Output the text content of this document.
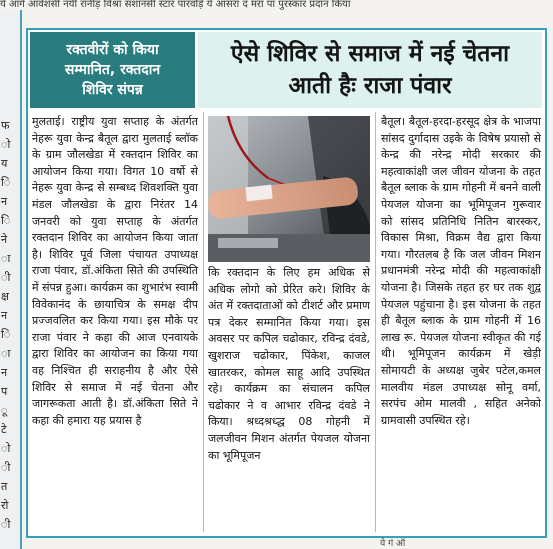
र्य आर्ग आवेशसी नयी रानीड़ विश्रा संशानसी स्टार पारवोड़े ये आसरा द मरा पा पुरस्कार प्रदान किया
फ
ो
य
ि
न
ि
ने
ा
ी
क्ष
न
ि
ा
न
प
ू
टे
ो
ी
त
रो
ी
रक्तवीरों को किया
सम्मानित, रक्तदान
शिविर संपन्न
ऐसे शिविर से समाज में नई चेतना
आती हैः राजा पंवार

मुलताई। राष्ट्रीय युवा सप्ताह के अंतर्गत नेहरू युवा केन्द्र बैतूल द्वारा मुलताई ब्लॉक के ग्राम जौलखेडा में रक्तदान शिविर का आयोजन किया गया। विगत 10 वर्षो से नेहरू युवा केन्द्र से सम्बध्द शिवशक्ति युवा मंडल जौलखेडा के द्वारा निरंतर 14 जनवरी को युवा सप्ताह के अंतर्गत रक्तदान शिविर का आयोजन किया जाता है। शिविर पूर्व जिला पंचायत उपाध्यक्ष राजा पंवार, डॉ.अंकिता सिते की उपस्थिति में संपन्न हुआ। कार्यक्रम का शुभारंभ स्वामी विवेकानंद के छायाचित्र के समक्ष दीप प्रज्जवलित कर किया गया। इस मौके पर राजा पंवार ने कहा की आज एनवायके द्वारा शिविर का आयोजन का किया गया वह निश्चित ही सराहनीय है और ऐसे शिविर से समाज में नई चेतना और जागरूकता आती है। डॉ.अंकिता सिते ने कहा की हमारा यह प्रयास है

कि रक्तदान के लिए हम अधिक से अधिक लोगो को प्रेरित करे। शिविर के अंत में रक्तदाताओं को टीशर्ट और प्रमाण पत्र देकर सम्मानित किया गया। इस अवसर पर कपिल चढोकार, रविन्द्र दंवडे, खुशराज चढोकार, पिंकेश, काजल खातरकर, कोमल साहू आदि उपस्थित रहे। कार्यक्रम का संचालन कपिल चढोकार ने व आभार रविन्द्र दंवडे ने किया। श्रध्दश्रध्द्ध 08 गोहनी में जलजीवन मिशन अंतर्गत पेयजल योजना का भूमिपूजन

बैतूल। बैतूल-हरदा-हरसूद क्षेत्र के भाजपा सांसद दुर्गादास उइके के विषेष प्रयासो से केन्द्र की नरेन्द्र मोदी सरकार की महत्वाकांक्षी जल जीवन योजना के तहत बैतूल ब्लाक के ग्राम गोहनी में बनने वाली पेयजल योजना का भूमिपूजन गुरूवार को सांसद प्रतिनिधि नितिन बारस्कर, विकास मिश्रा, विक्रम वैद्य द्वारा किया गया। गौरतलब है कि जल जीवन मिशन प्रधानमंत्री नरेन्द्र मोदी की महत्वाकांक्षी योजना है। जिसके तहत हर घर तक शुद्व पेयजल पहुंचाना है। इस योजना के तहत ही बैतूल ब्लाक के ग्राम गोहनी में 16 लाख रू. पेयजल योजना स्वीकृत की गई थी। भूमिपूजन कार्यक्रम में खेड़ी सोमायटी के अध्यक्ष जुबेर पटेल,कमल मालवीय मंडल उपाध्यक्ष सोनू वर्मा, सरपंच ओम मालवी , सहित अनेको ग्रामवासी उपस्थित रहे।

ये गं ऑ
